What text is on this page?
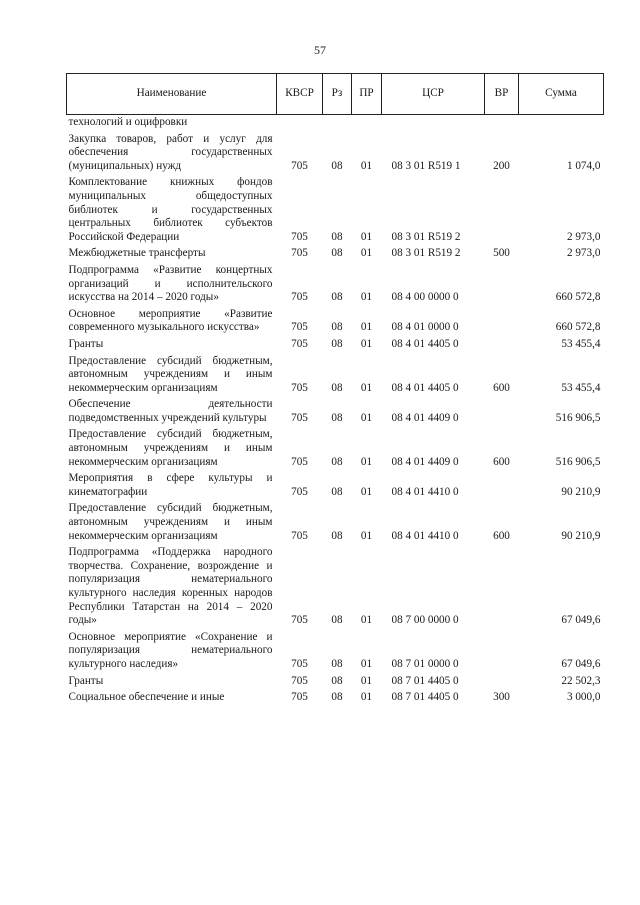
57
Наименование	КВСР	Рз	ПР	ЦСР	ВР	Сумма
технологий и оцифровки						
Закупка товаров, работ и услуг для обеспечения государственных (муниципальных) нужд	705	08	01	08 3 01 R519 1	200	1 074,0
Комплектование книжных фондов муниципальных общедоступных библиотек и государственных центральных библиотек субъектов Российской Федерации	705	08	01	08 3 01 R519 2		2 973,0
Межбюджетные трансферты	705	08	01	08 3 01 R519 2	500	2 973,0
Подпрограмма «Развитие концертных организаций и исполнительского искусства на 2014 – 2020 годы»	705	08	01	08 4 00 0000 0		660 572,8
Основное мероприятие «Развитие современного музыкального искусства»	705	08	01	08 4 01 0000 0		660 572,8
Гранты	705	08	01	08 4 01 4405 0		53 455,4
Предоставление субсидий бюджетным, автономным учреждениям и иным некоммерческим организациям	705	08	01	08 4 01 4405 0	600	53 455,4
Обеспечение деятельности подведомственных учреждений культуры	705	08	01	08 4 01 4409 0		516 906,5
Предоставление субсидий бюджетным, автономным учреждениям и иным некоммерческим организациям	705	08	01	08 4 01 4409 0	600	516 906,5
Мероприятия в сфере культуры и кинематографии	705	08	01	08 4 01 4410 0		90 210,9
Предоставление субсидий бюджетным, автономным учреждениям и иным некоммерческим организациям	705	08	01	08 4 01 4410 0	600	90 210,9
Подпрограмма «Поддержка народного творчества. Сохранение, возрождение и популяризация нематериального культурного наследия коренных народов Республики Татарстан на 2014 – 2020 годы»	705	08	01	08 7 00 0000 0		67 049,6
Основное мероприятие «Сохранение и популяризация нематериального культурного наследия»	705	08	01	08 7 01 0000 0		67 049,6
Гранты	705	08	01	08 7 01 4405 0		22 502,3
Социальное обеспечение и иные	705	08	01	08 7 01 4405 0	300	3 000,0
